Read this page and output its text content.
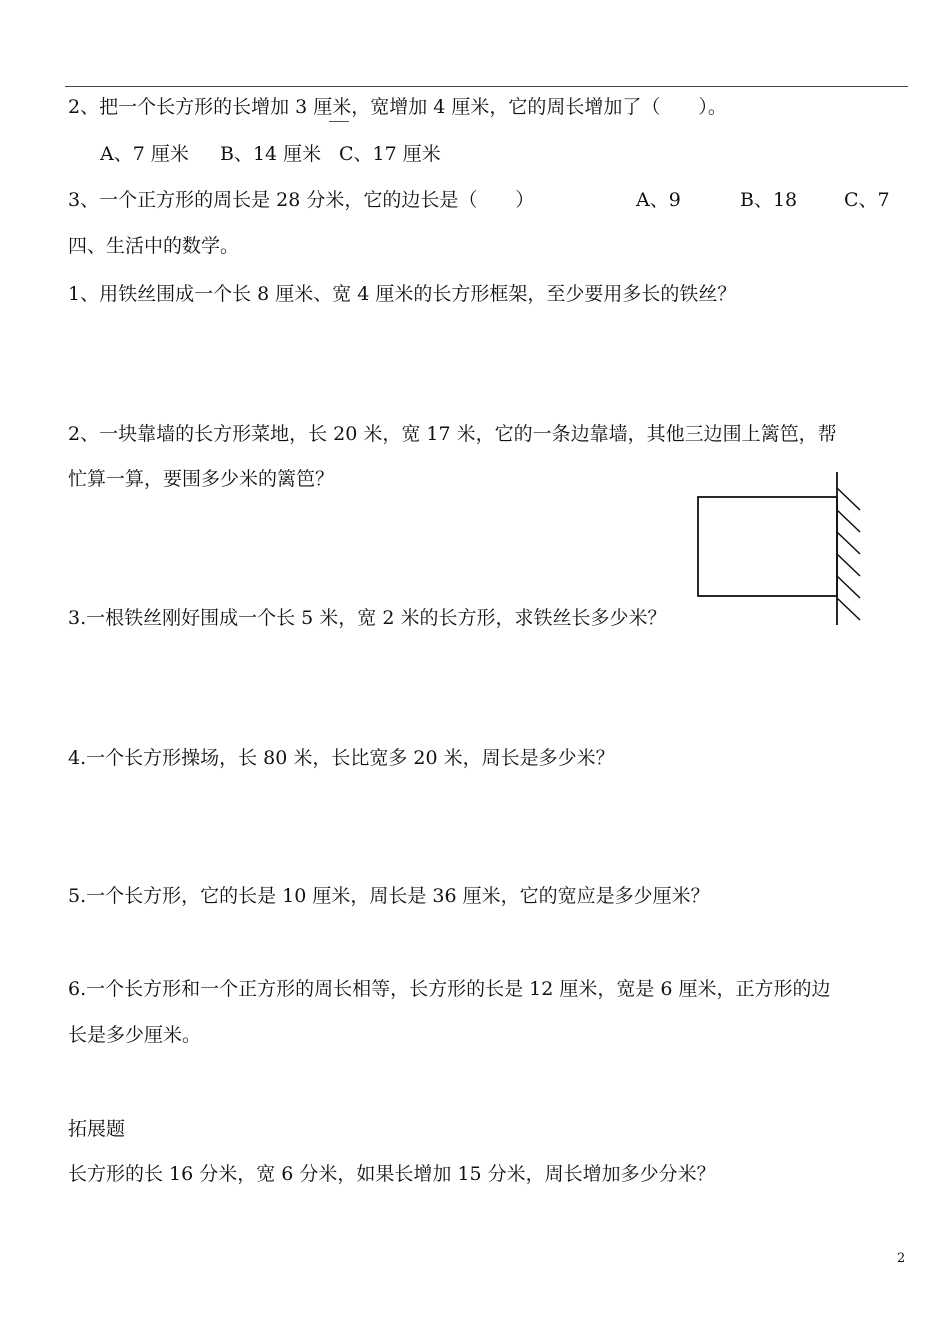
2、把一个长方形的长增加 3 厘米，宽增加 4 厘米，它的周长增加了（　　）。
A、7 厘米 B、14 厘米 C、17 厘米
3、一个正方形的周长是 28 分米，它的边长是（　　）	A、9	B、18 C、7
四、生活中的数学。
1、用铁丝围成一个长 8 厘米、宽 4 厘米的长方形框架，至少要用多长的铁丝？
2、一块靠墙的长方形菜地，长 20 米，宽 17 米，它的一条边靠墙，其他三边围上篱笆，帮
忙算一算，要围多少米的篱笆？
3.一根铁丝刚好围成一个长 5 米，宽 2 米的长方形，求铁丝长多少米？
4.一个长方形操场，长 80 米，长比宽多 20 米，周长是多少米？
5.一个长方形，它的长是 10 厘米，周长是 36 厘米，它的宽应是多少厘米？
6.一个长方形和一个正方形的周长相等，长方形的长是 12 厘米，宽是 6 厘米，正方形的边
长是多少厘米。
拓展题
长方形的长 16 分米，宽 6 分米，如果长增加 15 分米，周长增加多少分米？
2
